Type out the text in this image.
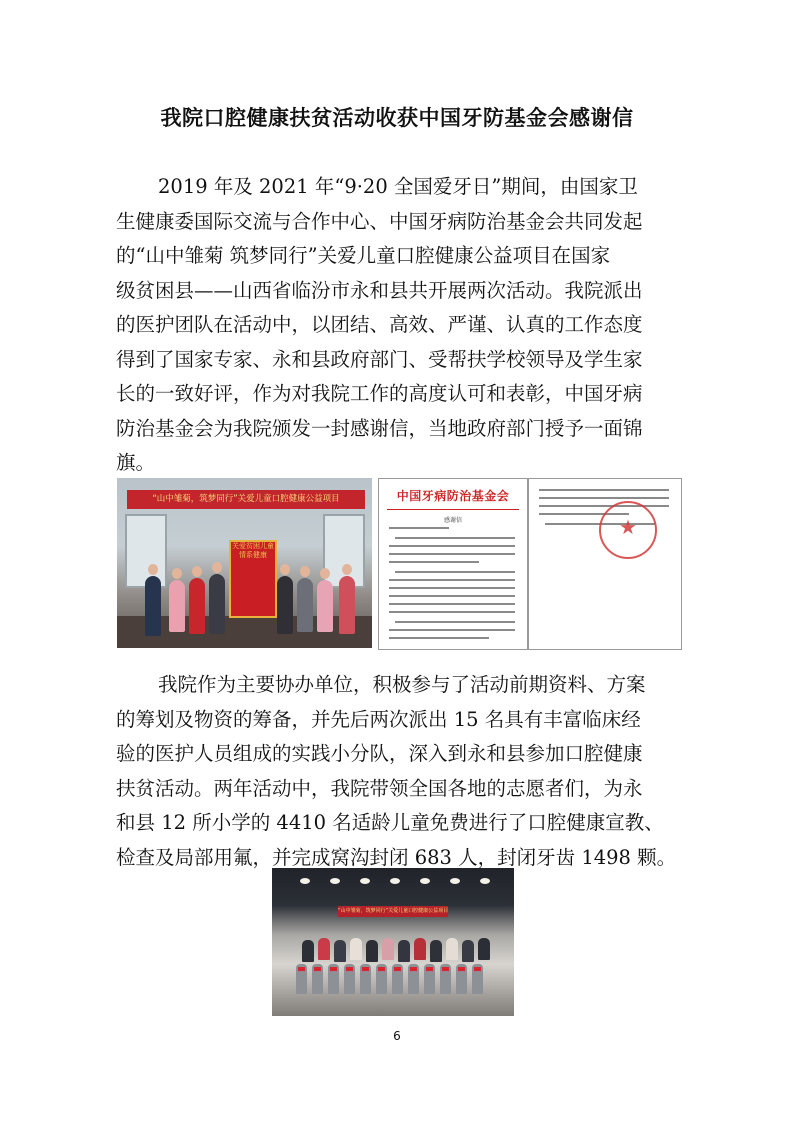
我院口腔健康扶贫活动收获中国牙防基金会感谢信
2019 年及 2021 年“9·20 全国爱牙日”期间，由国家卫
生健康委国际交流与合作中心、中国牙病防治基金会共同发起
的“山中雏菊 筑梦同行”关爱儿童口腔健康公益项目在国家
级贫困县——山西省临汾市永和县共开展两次活动。我院派出
的医护团队在活动中，以团结、高效、严谨、认真的工作态度
得到了国家专家、永和县政府部门、受帮扶学校领导及学生家
长的一致好评，作为对我院工作的高度认可和表彰，中国牙病
防治基金会为我院颁发一封感谢信，当地政府部门授予一面锦
旗。
“山中雏菊，筑梦同行”关爱儿童口腔健康公益项目
关爱贫困儿童 情系健康
中国牙病防治基金会
感谢信	★
我院作为主要协办单位，积极参与了活动前期资料、方案
的筹划及物资的筹备，并先后两次派出 15 名具有丰富临床经
验的医护人员组成的实践小分队，深入到永和县参加口腔健康
扶贫活动。两年活动中，我院带领全国各地的志愿者们，为永
和县 12 所小学的 4410 名适龄儿童免费进行了口腔健康宣教、
检查及局部用氟，并完成窝沟封闭 683 人，封闭牙齿 1498 颗。
“山中雏菊，筑梦同行”关爱儿童口腔健康公益项目
6
